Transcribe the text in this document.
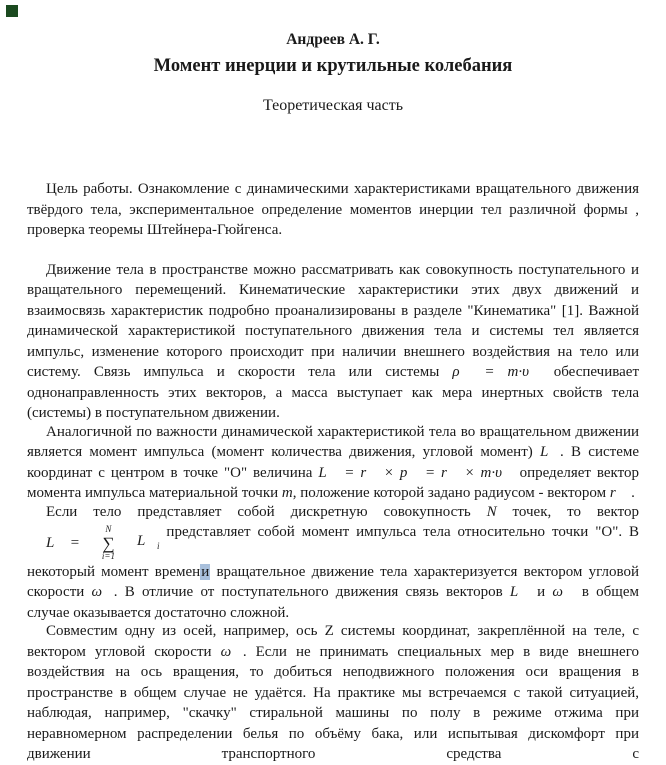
Андреев А. Г.
Момент инерции и крутильные колебания
Теоретическая часть

Цель работы. Ознакомление с динамическими характеристиками вращательного движения твёрдого тела, экспериментальное определение моментов инерции тел различной формы , проверка теоремы Штейнера-Гюйгенса.

Движение тела в пространстве можно рассматривать как совокупность поступательного и вращательного перемещений. Кинематические характеристики этих двух движений и взаимосвязь характеристик подробно проанализированы в разделе "Кинематика" [1]. Важной динамической характеристикой поступательного движения тела и системы тел является импульс, изменение которого происходит при наличии внешнего воздействия на тело или систему. Связь импульса и скорости тела или системы ρ⃗ = m·υ⃗ обеспечивает однонаправленность этих векторов, а масса выступает как мера инертных свойств тела (системы) в поступательном движении.

Аналогичной по важности динамической характеристикой тела во вращательном движении является момент импульса (момент количества движения, угловой момент) L⃗. В системе координат с центром в точке "О" величина L⃗ = r⃗ × p⃗ = r⃗ × m·υ⃗ определяет вектор момента импульса материальной точки m, положение которой задано радиусом - вектором r⃗ .

Если тело представляет собой дискретную совокупность N точек, то вектор
L⃗ =
N
∑
i=1
$L⃗_i$
представляет собой момент импульса тела относительно точки "О". В некоторый момент времени вращательное движение тела характеризуется вектором угловой скорости ω⃗. В отличие от поступательного движения связь векторов L⃗ и ω⃗ в общем случае оказывается достаточно сложной.

Совместим одну из осей, например, ось Z системы координат, закреплённой на теле, с вектором угловой скорости ω⃗. Если не принимать специальных мер в виде внешнего воздействия на ось вращения, то добиться неподвижного положения оси вращения в пространстве в общем случае не удаётся. На практике мы встречаемся с такой ситуацией, наблюдая, например, "скачку" стиральной машины по полу в режиме отжима при неравномерном распределении белья по объёму бака, или испытывая дискомфорт при движении транспортного средства с
